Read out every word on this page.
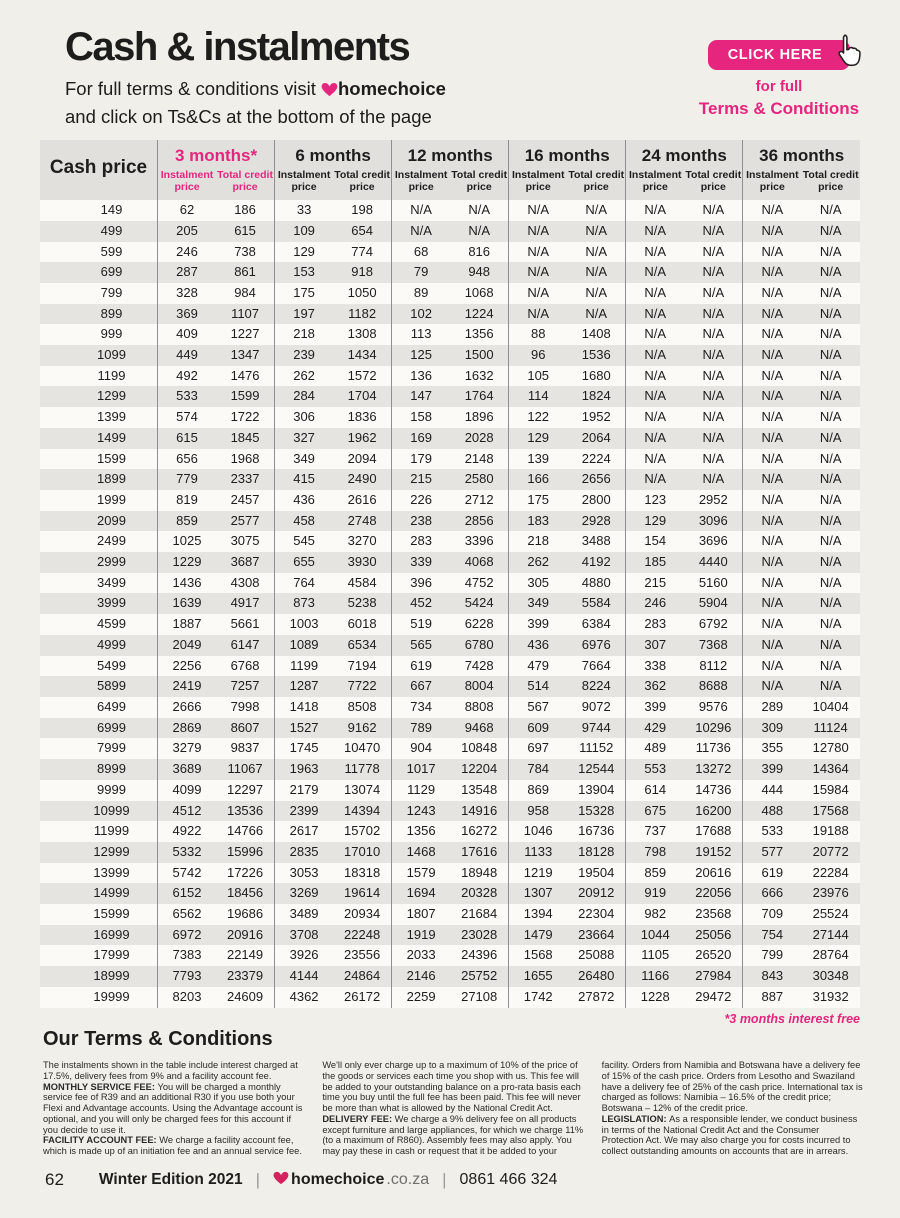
Cash & instalments
For full terms & conditions visit homechoice
and click on Ts&Cs at the bottom of the page
CLICK HERE
for full
Terms & Conditions
Cash price	3 months*		6 months		12 months		16 months		24 months		36 months	
	Instalment price	Total credit price	Instalment price	Total credit price	Instalment price	Total credit price	Instalment price	Total credit price	Instalment price	Total credit price	Instalment price	Total credit price
149	62	186	33	198	N/A	N/A	N/A	N/A	N/A	N/A	N/A	N/A
499	205	615	109	654	N/A	N/A	N/A	N/A	N/A	N/A	N/A	N/A
599	246	738	129	774	68	816	N/A	N/A	N/A	N/A	N/A	N/A
699	287	861	153	918	79	948	N/A	N/A	N/A	N/A	N/A	N/A
799	328	984	175	1050	89	1068	N/A	N/A	N/A	N/A	N/A	N/A
899	369	1107	197	1182	102	1224	N/A	N/A	N/A	N/A	N/A	N/A
999	409	1227	218	1308	113	1356	88	1408	N/A	N/A	N/A	N/A
1099	449	1347	239	1434	125	1500	96	1536	N/A	N/A	N/A	N/A
1199	492	1476	262	1572	136	1632	105	1680	N/A	N/A	N/A	N/A
1299	533	1599	284	1704	147	1764	114	1824	N/A	N/A	N/A	N/A
1399	574	1722	306	1836	158	1896	122	1952	N/A	N/A	N/A	N/A
1499	615	1845	327	1962	169	2028	129	2064	N/A	N/A	N/A	N/A
1599	656	1968	349	2094	179	2148	139	2224	N/A	N/A	N/A	N/A
1899	779	2337	415	2490	215	2580	166	2656	N/A	N/A	N/A	N/A
1999	819	2457	436	2616	226	2712	175	2800	123	2952	N/A	N/A
2099	859	2577	458	2748	238	2856	183	2928	129	3096	N/A	N/A
2499	1025	3075	545	3270	283	3396	218	3488	154	3696	N/A	N/A
2999	1229	3687	655	3930	339	4068	262	4192	185	4440	N/A	N/A
3499	1436	4308	764	4584	396	4752	305	4880	215	5160	N/A	N/A
3999	1639	4917	873	5238	452	5424	349	5584	246	5904	N/A	N/A
4599	1887	5661	1003	6018	519	6228	399	6384	283	6792	N/A	N/A
4999	2049	6147	1089	6534	565	6780	436	6976	307	7368	N/A	N/A
5499	2256	6768	1199	7194	619	7428	479	7664	338	8112	N/A	N/A
5899	2419	7257	1287	7722	667	8004	514	8224	362	8688	N/A	N/A
6499	2666	7998	1418	8508	734	8808	567	9072	399	9576	289	10404
6999	2869	8607	1527	9162	789	9468	609	9744	429	10296	309	11124
7999	3279	9837	1745	10470	904	10848	697	11152	489	11736	355	12780
8999	3689	11067	1963	11778	1017	12204	784	12544	553	13272	399	14364
9999	4099	12297	2179	13074	1129	13548	869	13904	614	14736	444	15984
10999	4512	13536	2399	14394	1243	14916	958	15328	675	16200	488	17568
11999	4922	14766	2617	15702	1356	16272	1046	16736	737	17688	533	19188
12999	5332	15996	2835	17010	1468	17616	1133	18128	798	19152	577	20772
13999	5742	17226	3053	18318	1579	18948	1219	19504	859	20616	619	22284
14999	6152	18456	3269	19614	1694	20328	1307	20912	919	22056	666	23976
15999	6562	19686	3489	20934	1807	21684	1394	22304	982	23568	709	25524
16999	6972	20916	3708	22248	1919	23028	1479	23664	1044	25056	754	27144
17999	7383	22149	3926	23556	2033	24396	1568	25088	1105	26520	799	28764
18999	7793	23379	4144	24864	2146	25752	1655	26480	1166	27984	843	30348
19999	8203	24609	4362	26172	2259	27108	1742	27872	1228	29472	887	31932
*3 months interest free
Our Terms & Conditions

The instalments shown in the table include interest charged at 17.5%, delivery fees from 9% and a facility account fee.

MONTHLY SERVICE FEE: You will be charged a monthly service fee of R39 and an additional R30 if you use both your Flexi and Advantage accounts. Using the Advantage account is optional, and you will only be charged fees for this account if you decide to use it.

FACILITY ACCOUNT FEE: We charge a facility account fee, which is made up of an initiation fee and an annual service fee. We'll only ever charge up to a maximum of 10% of the price of the goods or services each time you shop with us. This fee will be added to your outstanding balance on a pro-rata basis each time you buy until the full fee has been paid. This fee will never be more than what is allowed by the National Credit Act.

DELIVERY FEE: We charge a 9% delivery fee on all products except furniture and large appliances, for which we charge 11% (to a maximum of R860). Assembly fees may also apply. You may pay these in cash or request that it be added to your facility. Orders from Namibia and Botswana have a delivery fee of 15% of the cash price. Orders from Lesotho and Swaziland have a delivery fee of 25% of the cash price. International tax is charged as follows: Namibia – 16.5% of the credit price; Botswana – 12% of the credit price.

LEGISLATION: As a responsible lender, we conduct business in terms of the National Credit Act and the Consumer Protection Act. We may also charge you for costs incurred to collect outstanding amounts on accounts that are in arrears.

62 Winter Edition 2021 | homechoice .co.za | 0861 466 324
